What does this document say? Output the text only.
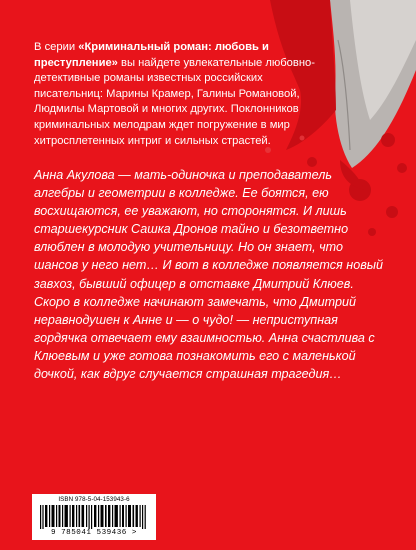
В серии «Криминальный роман: любовь и преступление» вы найдете увлекательные любовно-детективные романы известных российских писательниц: Марины Крамер, Галины Романовой, Людмилы Мартовой и многих других. Поклонников криминальных мелодрам ждет погружение в мир хитросплетенных интриг и сильных страстей.
Анна Акулова — мать-одиночка и преподаватель алгебры и геометрии в колледже. Ее боятся, ею восхищаются, ее уважают, но сторонятся. И лишь старшекурсник Сашка Дронов тайно и безответно влюблен в молодую учительницу. Но он знает, что шансов у него нет… И вот в колледже появляется новый завхоз, бывший офицер в отставке Дмитрий Клюев. Скоро в колледже начинают замечать, что Дмитрий неравнодушен к Анне и — о чудо! — неприступная гордячка отвечает ему взаимностью. Анна счастлива с Клюевым и уже готова познакомить его с маленькой дочкой, как вдруг случается страшная трагедия…
ISBN 978-5-04-153943-6
9 785041 539436 >
